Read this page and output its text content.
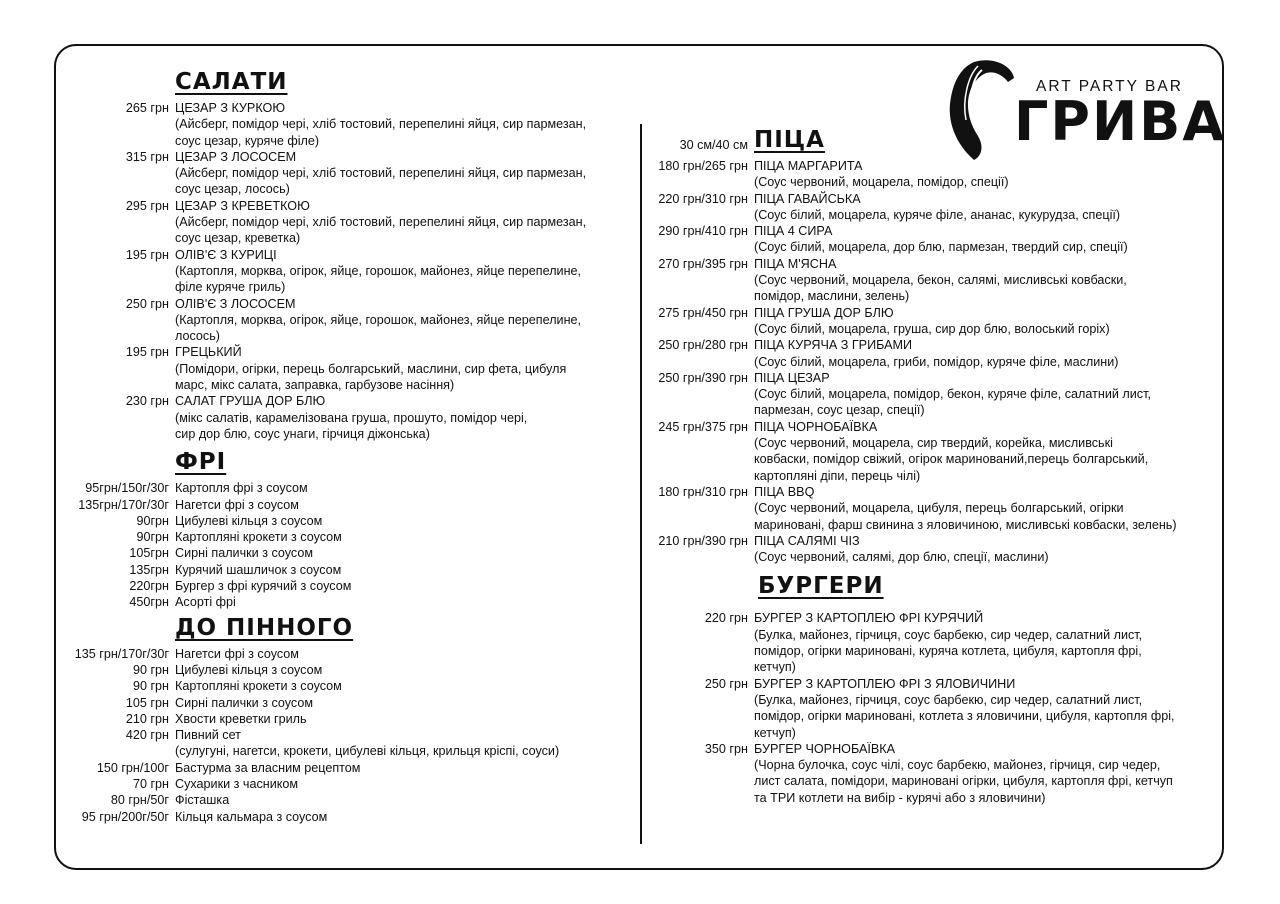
ART PARTY BAR
ГРИВА
САЛАТИ
265 грн ЦЕЗАР З КУРКОЮ
(Айсберг, помідор чері, хліб тостовий, перепелині яйця, сир пармезан,
соус цезар, куряче філе)
315 грн ЦЕЗАР З ЛОСОСЕМ
(Айсберг, помідор чері, хліб тостовий, перепелині яйця, сир пармезан,
соус цезар, лосось)
295 грн ЦЕЗАР З КРЕВЕТКОЮ
(Айсберг, помідор чері, хліб тостовий, перепелині яйця, сир пармезан,
соус цезар, креветка)
195 грн ОЛІВ'Є З КУРИЦІ
(Картопля, морква, огірок, яйце, горошок, майонез, яйце перепелине,
філе куряче гриль)
250 грн ОЛІВ'Є З ЛОСОСЕМ
(Картопля, морква, огірок, яйце, горошок, майонез, яйце перепелине,
лосось)
195 грн ГРЕЦЬКИЙ
(Помідори, огірки, перець болгарський, маслини, сир фета, цибуля
марс, мікс салата, заправка, гарбузове насіння)
230 грн САЛАТ ГРУША ДОР БЛЮ
(мікс салатів, карамелізована груша, прошуто, помідор чері,
сир дор блю, соус унаги, гірчиця діжонська)
ФРІ
95грн/150г/30г Картопля фрі з соусом
135грн/170г/30г Нагетси фрі з соусом
90грн Цибулеві кільця з соусом
90грн Картопляні крокети з соусом
105грн Сирні палички з соусом
135грн Курячий шашличок з соусом
220грн Бургер з фрі курячий з соусом
450грн Асорті фрі
ДО ПІННОГО
135 грн/170г/30г Нагетси фрі з соусом
90 грн Цибулеві кільця з соусом
90 грн Картопляні крокети з соусом
105 грн Сирні палички з соусом
210 грн Хвости креветки гриль
420 грн Пивний сет
(сулугуні, нагетси, крокети, цибулеві кільця, крильця кріспі, соуси)
150 грн/100г Бастурма за власним рецептом
70 грн Сухарики з часником
80 грн/50г Фісташка
95 грн/200г/50г Кільця кальмара з соусом
30 см/40 см ПІЦА
180 грн/265 грн ПІЦА МАРГАРИТА
(Соус червоний, моцарела, помідор, спеції)
220 грн/310 грн ПІЦА ГАВАЙСЬКА
(Соус білий, моцарела, куряче філе, ананас, кукурудза, спеції)
290 грн/410 грн ПІЦА 4 СИРА
(Соус білий, моцарела, дор блю, пармезан, твердий сир, спеції)
270 грн/395 грн ПІЦА М'ЯСНА
(Соус червоний, моцарела, бекон, салямі, мисливські ковбаски,
помідор, маслини, зелень)
275 грн/450 грн ПІЦА ГРУША ДОР БЛЮ
(Соус білий, моцарела, груша, сир дор блю, волоський горіх)
250 грн/280 грн ПІЦА КУРЯЧА З ГРИБАМИ
(Соус білий, моцарела, гриби, помідор, куряче філе, маслини)
250 грн/390 грн ПІЦА ЦЕЗАР
(Соус білий, моцарела, помідор, бекон, куряче філе, салатний лист,
пармезан, соус цезар, спеції)
245 грн/375 грн ПІЦА ЧОРНОБАЇВКА
(Соус червоний, моцарела, сир твердий, корейка, мисливські
ковбаски, помідор свіжий, огірок маринований,перець болгарський,
картопляні діпи, перець чілі)
180 грн/310 грн ПІЦА BBQ
(Соус червоний, моцарела, цибуля, перець болгарський, огірки
мариновані, фарш свинина з яловичиною, мисливські ковбаски, зелень)
210 грн/390 грн ПІЦА САЛЯМІ ЧІЗ
(Соус червоний, салямі, дор блю, спеції, маслини)
БУРГЕРИ
220 грн БУРГЕР З КАРТОПЛЕЮ ФРІ КУРЯЧИЙ
(Булка, майонез, гірчиця, соус барбекю, сир чедер, салатний лист,
помідор, огірки мариновані, куряча котлета, цибуля, картопля фрі,
кетчуп)
250 грн БУРГЕР З КАРТОПЛЕЮ ФРІ З ЯЛОВИЧИНИ
(Булка, майонез, гірчиця, соус барбекю, сир чедер, салатний лист,
помідор, огірки мариновані, котлета з яловичини, цибуля, картопля фрі,
кетчуп)
350 грн БУРГЕР ЧОРНОБАЇВКА
(Чорна булочка, соус чілі, соус барбекю, майонез, гірчиця, сир чедер,
лист салата, помідори, мариновані огірки, цибуля, картопля фрі, кетчуп
та ТРИ котлети на вибір - курячі або з яловичини)
